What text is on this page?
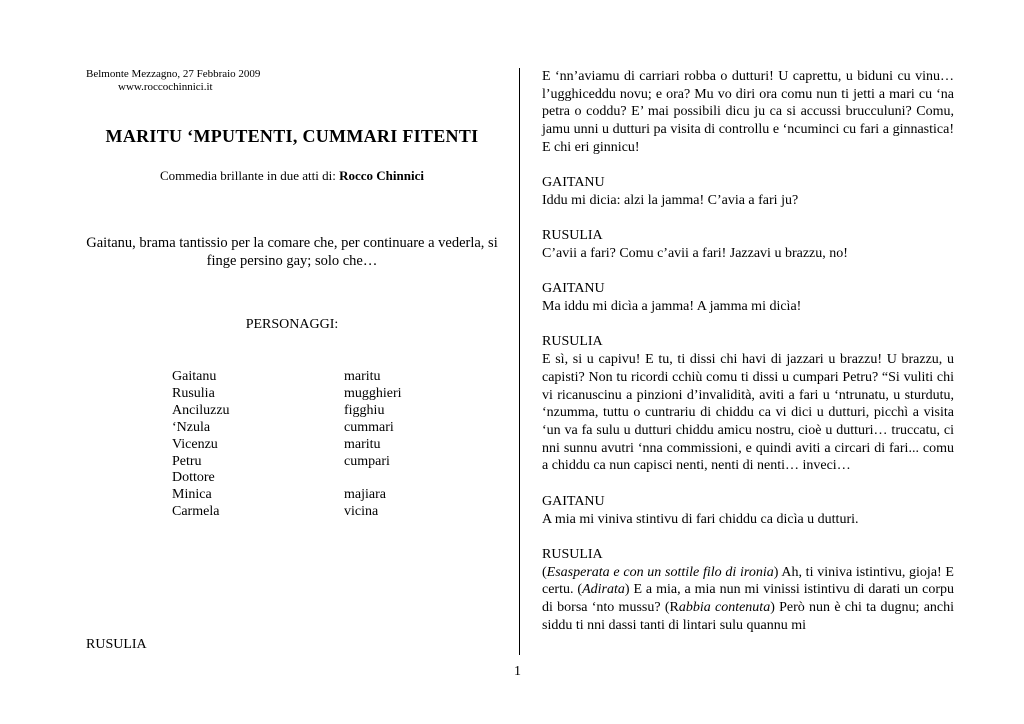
Belmonte Mezzagno, 27 Febbraio 2009
www.roccochinnici.it
MARITU ‘MPUTENTI, CUMMARI FITENTI
Commedia brillante in due atti di: Rocco Chinnici
Gaitanu, brama tantissio per la comare che, per continuare a vederla, si finge persino gay; solo che…
PERSONAGGI:
Gaitanu	maritu
Rusulia	mugghieri
Anciluzzu	figghiu
‘Nzula	cummari
Vicenzu	maritu
Petru	cumpari
Dottore
Minica	majiara
Carmela	vicina
RUSULIA
1

E ‘nn’aviamu di carriari robba o dutturi! U caprettu, u biduni cu vinu… l’ugghiceddu novu; e ora? Mu vo diri ora comu nun ti jetti a mari cu ‘na petra o coddu? E’ mai possibili dicu ju ca si accussi brucculuni? Comu, jamu unni u dutturi pa visita di controllu e ‘ncuminci cu fari a ginnastica! E chi eri ginnicu!

GAITANU

Iddu mi dicia: alzi la jamma! C’avia a fari ju?

RUSULIA

C’avii a fari? Comu c’avii a fari! Jazzavi u brazzu, no!

GAITANU

Ma iddu mi dicìa a jamma! A jamma mi dicìa!

RUSULIA

E sì, si u capivu! E tu, ti dissi chi havi di jazzari u brazzu! U brazzu, u capisti? Non tu ricordi cchiù comu ti dissi u cumpari Petru? “Si vuliti chi vi ricanuscinu a pinzioni d’invalidità, aviti a fari u ‘ntrunatu, u sturdutu, ‘nzumma, tuttu o cuntrariu di chiddu ca vi dici u dutturi, picchì a visita ‘un va fa sulu u dutturi chiddu amicu nostru, cioè u dutturi… truccatu, ci nni sunnu avutri ‘nna commissioni, e quindi aviti a circari di fari... comu a chiddu ca nun capisci nenti, nenti di nenti… inveci…

GAITANU

A mia mi viniva stintivu di fari chiddu ca dicìa u dutturi.

RUSULIA

(Esasperata e con un sottile filo di ironia) Ah, ti viniva istintivu, gioja! E certu. (Adirata) E a mia, a mia nun mi vinissi istintivu di darati un corpu di borsa ‘nto mussu? (Rabbia contenuta) Però nun è chi ta dugnu; anchi siddu ti nni dassi tanti di lintari sulu quannu mi
